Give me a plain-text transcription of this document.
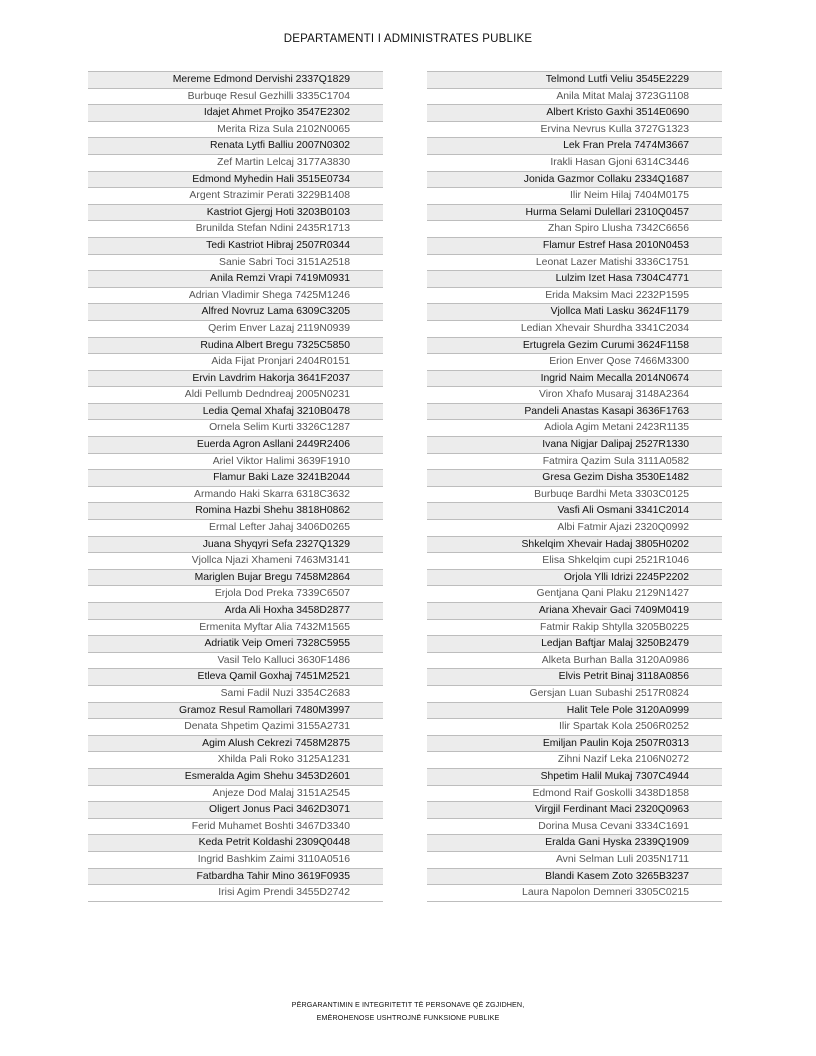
DEPARTAMENTI I ADMINISTRATES PUBLIKE
Mereme Edmond Dervishi 2337Q1829
Burbuqe Resul Gezhilli 3335C1704
Idajet Ahmet Projko 3547E2302
Merita Riza Sula 2102N0065
Renata Lytfi Balliu 2007N0302
Zef Martin Lelcaj 3177A3830
Edmond Myhedin Hali 3515E0734
Argent Strazimir Perati 3229B1408
Kastriot Gjergj Hoti 3203B0103
Brunilda Stefan Ndini 2435R1713
Tedi Kastriot Hibraj 2507R0344
Sanie Sabri Toci 3151A2518
Anila Remzi Vrapi 7419M0931
Adrian Vladimir Shega 7425M1246
Alfred Novruz Lama 6309C3205
Qerim Enver Lazaj 2119N0939
Rudina Albert Bregu 7325C5850
Aida Fijat Pronjari 2404R0151
Ervin Lavdrim Hakorja 3641F2037
Aldi Pellumb Dedndreaj 2005N0231
Ledia Qemal Xhafaj 3210B0478
Ornela Selim Kurti 3326C1287
Euerda Agron Asllani 2449R2406
Ariel Viktor Halimi 3639F1910
Flamur Baki Laze 3241B2044
Armando Haki Skarra 6318C3632
Romina Hazbi Shehu 3818H0862
Ermal Lefter Jahaj 3406D0265
Juana Shyqyri Sefa 2327Q1329
Vjollca Njazi Xhameni 7463M3141
Mariglen Bujar Bregu 7458M2864
Erjola Dod Preka 7339C6507
Arda Ali Hoxha 3458D2877
Ermenita Myftar Alia 7432M1565
Adriatik Veip Omeri 7328C5955
Vasil Telo Kalluci 3630F1486
Etleva Qamil Goxhaj 7451M2521
Sami Fadil Nuzi 3354C2683
Gramoz Resul Ramollari 7480M3997
Denata Shpetim Qazimi 3155A2731
Agim Alush Cekrezi 7458M2875
Xhilda Pali Roko 3125A1231
Esmeralda Agim Shehu 3453D2601
Anjeze Dod Malaj 3151A2545
Oligert Jonus Paci 3462D3071
Ferid Muhamet Boshti 3467D3340
Keda Petrit Koldashi 2309Q0448
Ingrid Bashkim Zaimi 3110A0516
Fatbardha Tahir Mino 3619F0935
Irisi Agim Prendi 3455D2742
Telmond Lutfi Veliu 3545E2229
Anila Mitat Malaj 3723G1108
Albert Kristo Gaxhi 3514E0690
Ervina Nevrus Kulla 3727G1323
Lek Fran Prela 7474M3667
Irakli Hasan Gjoni 6314C3446
Jonida Gazmor Collaku 2334Q1687
Ilir Neim Hilaj 7404M0175
Hurma Selami Dulellari 2310Q0457
Zhan Spiro Llusha 7342C6656
Flamur Estref Hasa 2010N0453
Leonat Lazer Matishi 3336C1751
Lulzim Izet Hasa 7304C4771
Erida Maksim Maci 2232P1595
Vjollca Mati Lasku 3624F1179
Ledian Xhevair Shurdha 3341C2034
Ertugrela Gezim Curumi 3624F1158
Erion Enver Qose 7466M3300
Ingrid Naim Mecalla 2014N0674
Viron Xhafo Musaraj 3148A2364
Pandeli Anastas Kasapi 3636F1763
Adiola Agim Metani 2423R1135
Ivana Nigjar Dalipaj 2527R1330
Fatmira Qazim Sula 3111A0582
Gresa Gezim Disha 3530E1482
Burbuqe Bardhi Meta 3303C0125
Vasfi Ali Osmani 3341C2014
Albi Fatmir Ajazi 2320Q0992
Shkelqim Xhevair Hadaj 3805H0202
Elisa Shkelqim cupi 2521R1046
Orjola Ylli Idrizi 2245P2202
Gentjana Qani Plaku 2129N1427
Ariana Xhevair Gaci 7409M0419
Fatmir Rakip Shtylla 3205B0225
Ledjan Baftjar Malaj 3250B2479
Alketa Burhan Balla 3120A0986
Elvis Petrit Binaj 3118A0856
Gersjan Luan Subashi 2517R0824
Halit Tele Pole 3120A0999
Ilir Spartak Kola 2506R0252
Emiljan Paulin Koja 2507R0313
Zihni Nazif Leka 2106N0272
Shpetim Halil Mukaj 7307C4944
Edmond Raif Goskolli 3438D1858
Virgjil Ferdinant Maci 2320Q0963
Dorina Musa Cevani 3334C1691
Eralda Gani Hyska 2339Q1909
Avni Selman Luli 2035N1711
Blandi Kasem Zoto 3265B3237
Laura Napolon Demneri 3305C0215
PËRGARANTIMIN E INTEGRITETIT TË PERSONAVE QË ZGJIDHEN,
EMËROHENOSE USHTROJNË FUNKSIONE PUBLIKE
